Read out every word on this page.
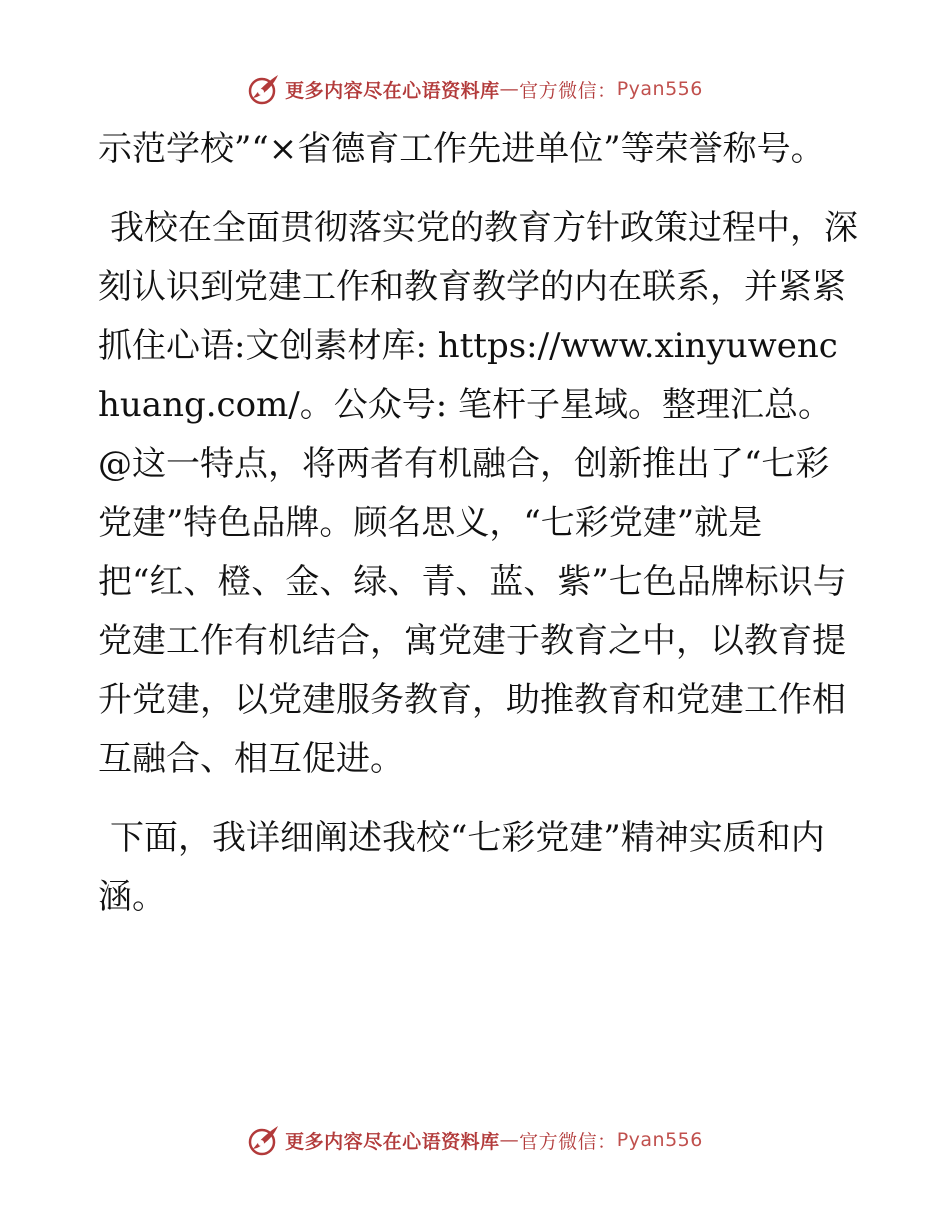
更多内容尽在心语资料库 — 官方微信： Pyan556

示范学校”“×省德育工作先进单位”等荣誉称号。

我校在全面贯彻落实党的教育方针政策过程中，深刻认识到党建工作和教育教学的内在联系，并紧紧抓住心语:文创素材库: https://www.xinyuwenchuang.com/。公众号: 笔杆子星域。整理汇总。@这一特点，将两者有机融合，创新推出了“七彩党建”特色品牌。顾名思义，“七彩党建”就是把“红、橙、金、绿、青、蓝、紫”七色品牌标识与党建工作有机结合，寓党建于教育之中，以教育提升党建，以党建服务教育，助推教育和党建工作相互融合、相互促进。

下面，我详细阐述我校“七彩党建”精神实质和内涵。

更多内容尽在心语资料库 — 官方微信： Pyan556
